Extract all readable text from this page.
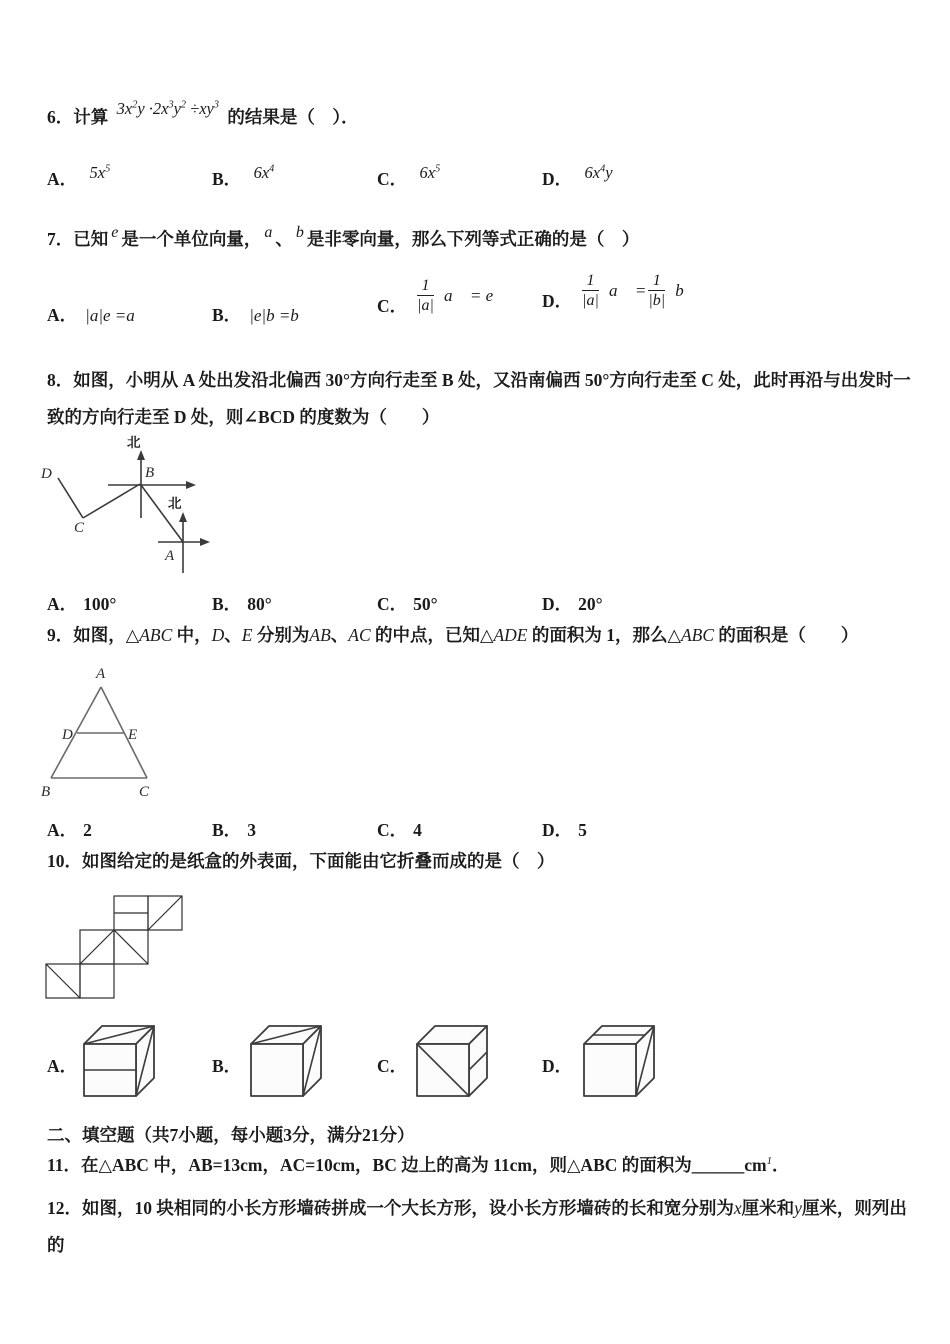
6．计算 $3x^2y \cdot 2x^3y^2 \div xy^3$ 的结果是（　）．
A． $5x^5$	B． $6x^4$	C． $6x^5$	D． $6x^4y$
7．已知 e 是一个单位向量， a 、 b 是非零向量，那么下列等式正确的是（　）
A． |a|e =a	B． |e|b =b	C． $\frac{1}{|a|}$ a⃗ = e⃗ D． $\frac{1}{|a|}$ a⃗ = $\frac{1}{|b|}$ b⃗
8．如图，小明从 A 处出发沿北偏西 30°方向行走至 B 处，又沿南偏西 50°方向行走至 C 处，此时再沿与出发时一致的方向行走至 D 处，则∠BCD 的度数为（　　）
北
B
北
A
D
C
A． 100°	B． 80°	C． 50°	D． 20°
9．如图，△ABC 中，D、E 分别为AB、AC 的中点，已知△ADE 的面积为 1，那么△ABC 的面积是（　　）
A
B	C
D	E
A． 2	B． 3	C． 4	D． 5
10．如图给定的是纸盒的外表面，下面能由它折叠而成的是（　）
A．	B．	C．	D．
二、填空题（共7小题，每小题3分，满分21分）
11．在△ABC 中，AB=13cm，AC=10cm，BC 边上的高为 11cm，则△ABC 的面积为$\_\_\_\_\_\_cm^1$．
12．如图，10 块相同的小长方形墙砖拼成一个大长方形，设小长方形墙砖的长和宽分别为x厘米和y厘米，则列出的
